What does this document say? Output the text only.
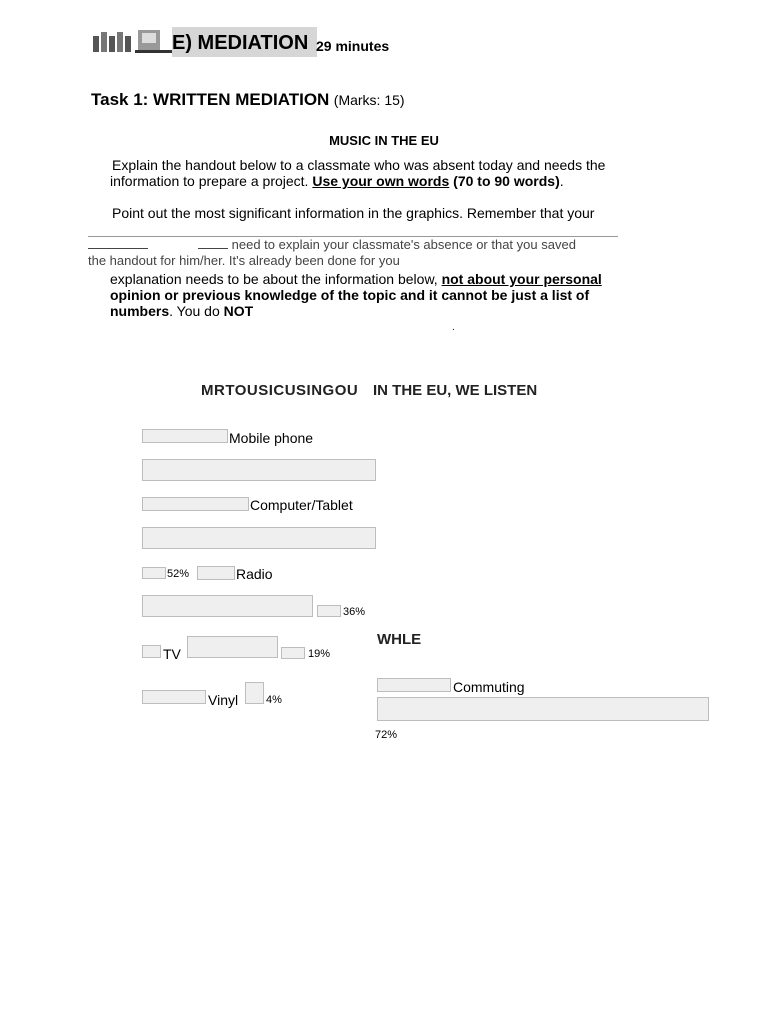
E) MEDIATION 29 minutes
Task 1: WRITTEN MEDIATION (Marks: 15)
MUSIC IN THE EU
Explain the handout below to a classmate who was absent today and needs the
information to prepare a project. Use your own words (70 to 90 words).
Point out the most significant information in the graphics. Remember that your
need to explain your classmate's absence or that you saved
the handout for him/her. It's already been done for you
explanation needs to be about the information below, not about your personal
opinion or previous knowledge of the topic and it cannot be just a list of
numbers. You do NOT
.
MRTOUSICUSINGOU IN THE EU, WE LISTEN
WHLE
Mobile phone
Computer/Tablet
52%	Radio
36%
TV	19%
Vinyl	4%
Commuting
72%
